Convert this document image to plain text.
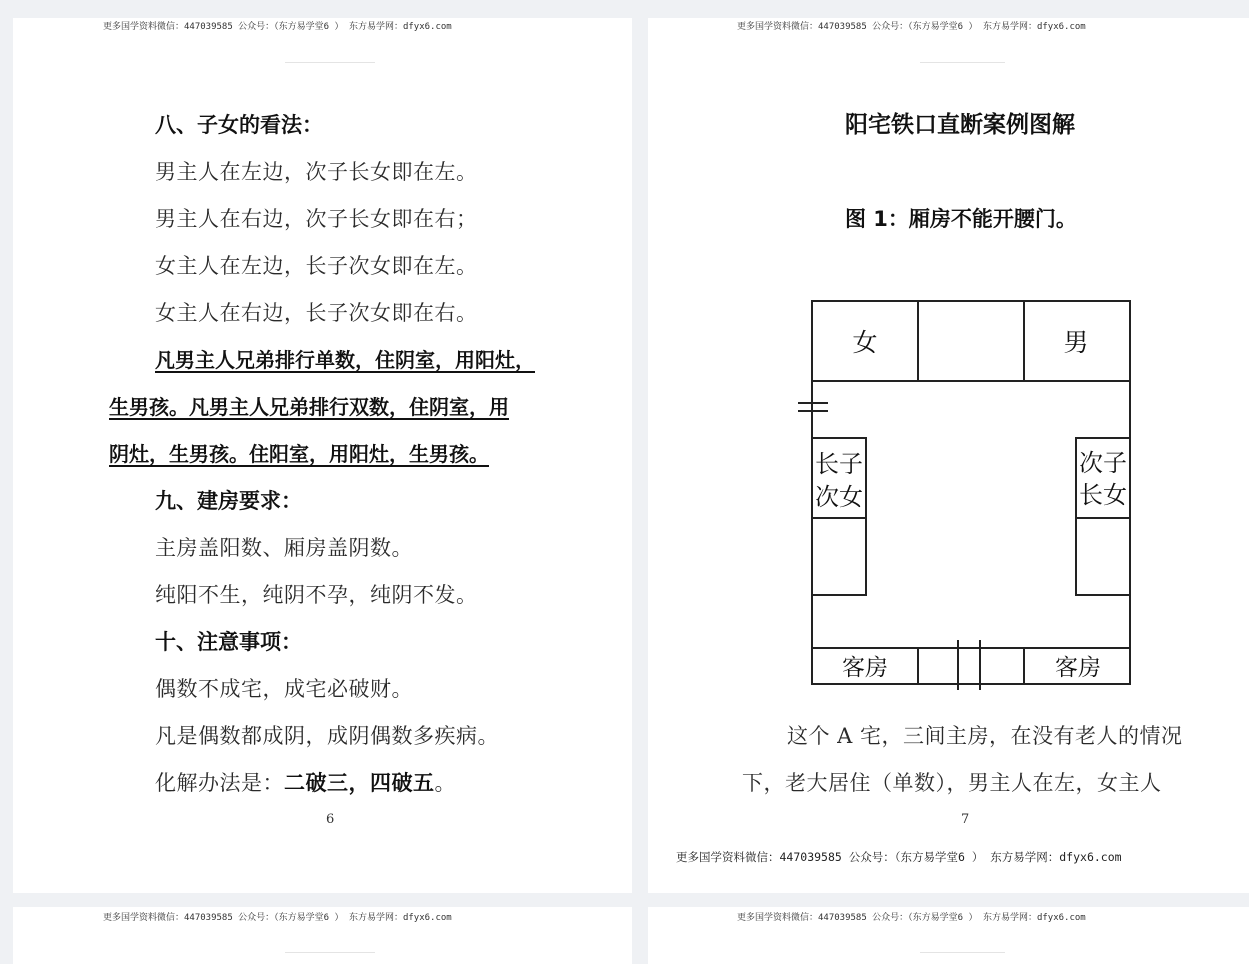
更多国学资料微信：447039585 公众号：（东方易学堂6 ） 东方易学网：dfyx6.com
八、子女的看法：
男主人在左边，次子长女即在左。
男主人在右边，次子长女即在右；
女主人在左边，长子次女即在左。
女主人在右边，长子次女即在右。
凡男主人兄弟排行单数，住阴室，用阳灶，
生男孩。凡男主人兄弟排行双数，住阴室，用
阴灶，生男孩。住阳室，用阳灶，生男孩。
九、建房要求：
主房盖阳数、厢房盖阴数。
纯阳不生，纯阴不孕，纯阴不发。
十、注意事项：
偶数不成宅，成宅必破财。
凡是偶数都成阴，成阴偶数多疾病。
化解办法是：二破三，四破五。
6
更多国学资料微信：447039585 公众号：（东方易学堂6 ） 东方易学网：dfyx6.com
阳宅铁口直断案例图解
图 1：厢房不能开腰门。
女	男
长子
次女
次子
长女
客房	客房
这个 A 宅，三间主房，在没有老人的情况
下，老大居住（单数），男主人在左，女主人
7
更多国学资料微信：447039585 公众号：（东方易学堂6 ） 东方易学网：dfyx6.com
更多国学资料微信：447039585 公众号：（东方易学堂6 ） 东方易学网：dfyx6.com	更多国学资料微信：447039585 公众号：（东方易学堂6 ） 东方易学网：dfyx6.com
